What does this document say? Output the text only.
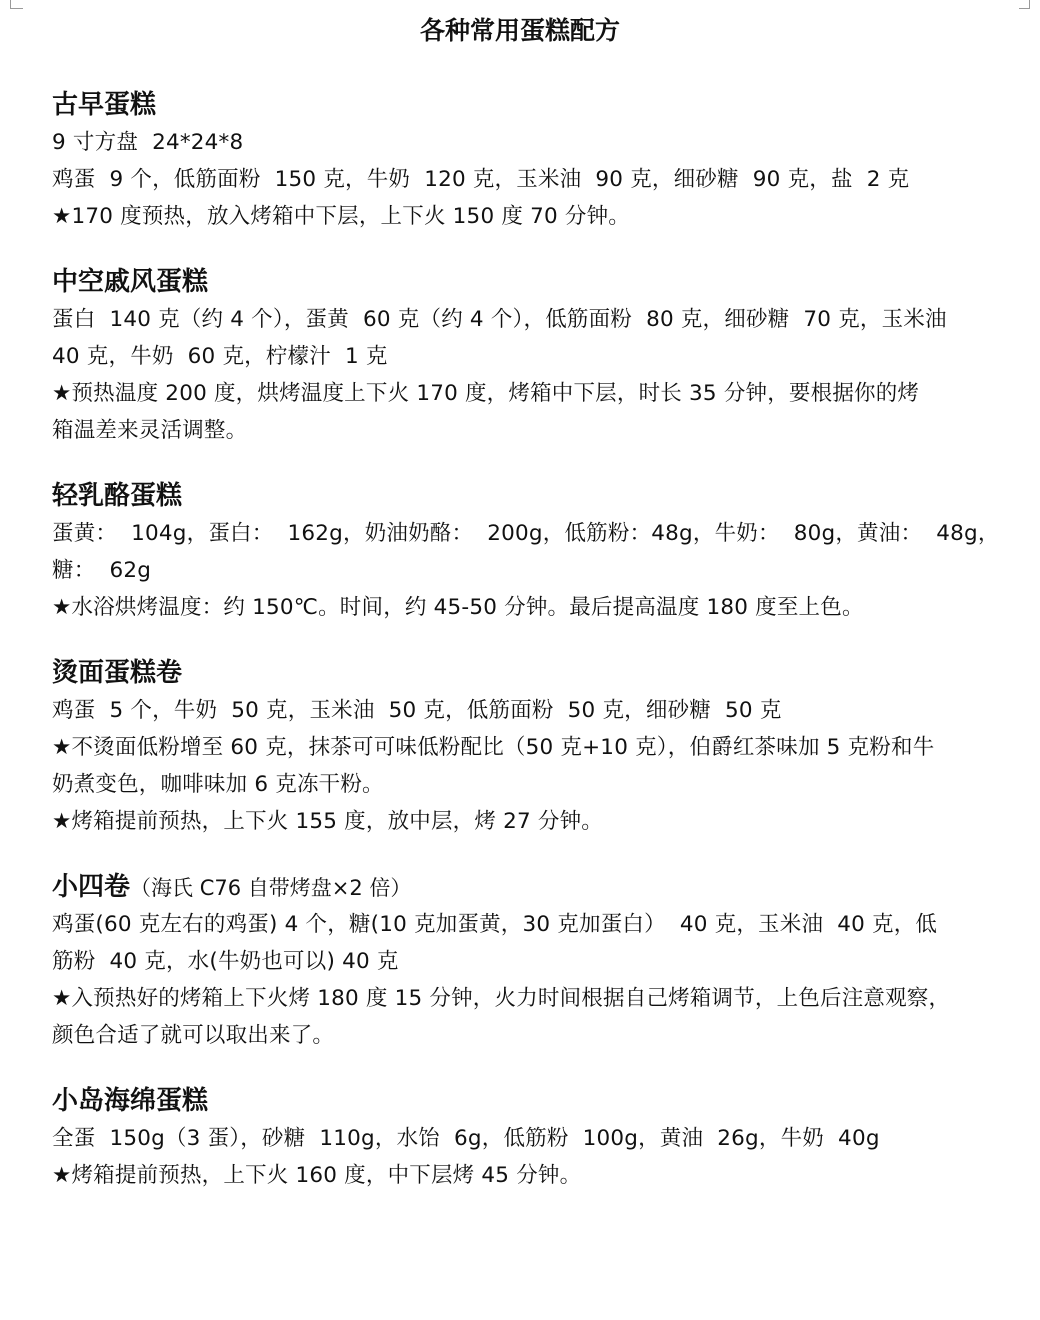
各种常用蛋糕配方
古早蛋糕

9 寸方盘  24*24*8

鸡蛋  9 个，低筋面粉  150 克，牛奶  120 克，玉米油  90 克，细砂糖  90 克，盐  2 克

★170 度预热，放入烤箱中下层，上下火 150 度 70 分钟。

中空戚风蛋糕

蛋白  140 克（约 4 个），蛋黄  60 克（约 4 个），低筋面粉  80 克，细砂糖  70 克，玉米油

40 克，牛奶  60 克，柠檬汁  1 克

★预热温度 200 度，烘烤温度上下火 170 度，烤箱中下层，时长 35 分钟，要根据你的烤

箱温差来灵活调整。

轻乳酪蛋糕

蛋黄：  104g，蛋白：  162g，奶油奶酪：  200g，低筋粉：48g，牛奶：  80g，黄油：  48g，

糖：  62g

★水浴烘烤温度：约 150℃。时间，约 45-50 分钟。最后提高温度 180 度至上色。

烫面蛋糕卷

鸡蛋  5 个，牛奶  50 克，玉米油  50 克，低筋面粉  50 克，细砂糖  50 克

★不烫面低粉增至 60 克，抹茶可可味低粉配比（50 克+10 克），伯爵红茶味加 5 克粉和牛

奶煮变色，咖啡味加 6 克冻干粉。

★烤箱提前预热，上下火 155 度，放中层，烤 27 分钟。

小四卷（海氏 C76 自带烤盘×2 倍）

鸡蛋(60 克左右的鸡蛋) 4 个，糖(10 克加蛋黄，30 克加蛋白）  40 克，玉米油  40 克，低

筋粉  40 克，水(牛奶也可以) 40 克

★入预热好的烤箱上下火烤 180 度 15 分钟，火力时间根据自己烤箱调节，上色后注意观察，

颜色合适了就可以取出来了。

小岛海绵蛋糕

全蛋  150g（3 蛋），砂糖  110g，水饴  6g，低筋粉  100g，黄油  26g，牛奶  40g

★烤箱提前预热，上下火 160 度，中下层烤 45 分钟。
